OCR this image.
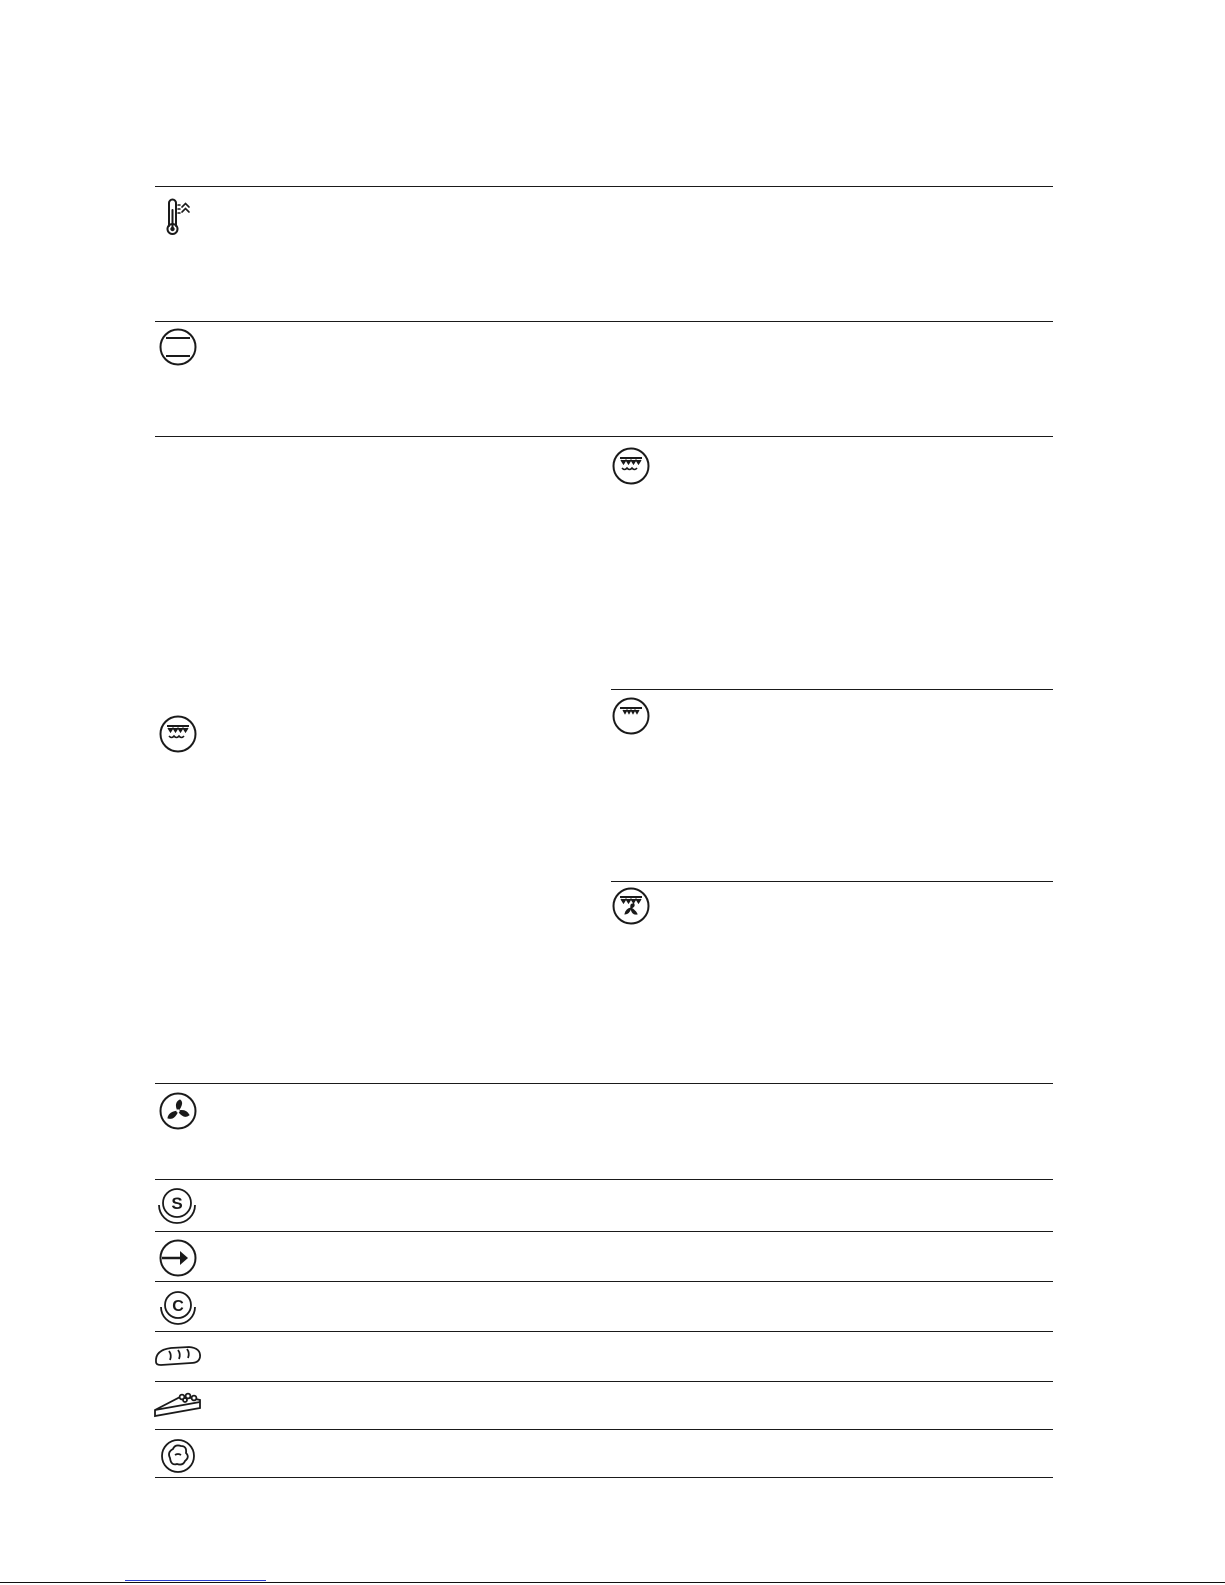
S
C
